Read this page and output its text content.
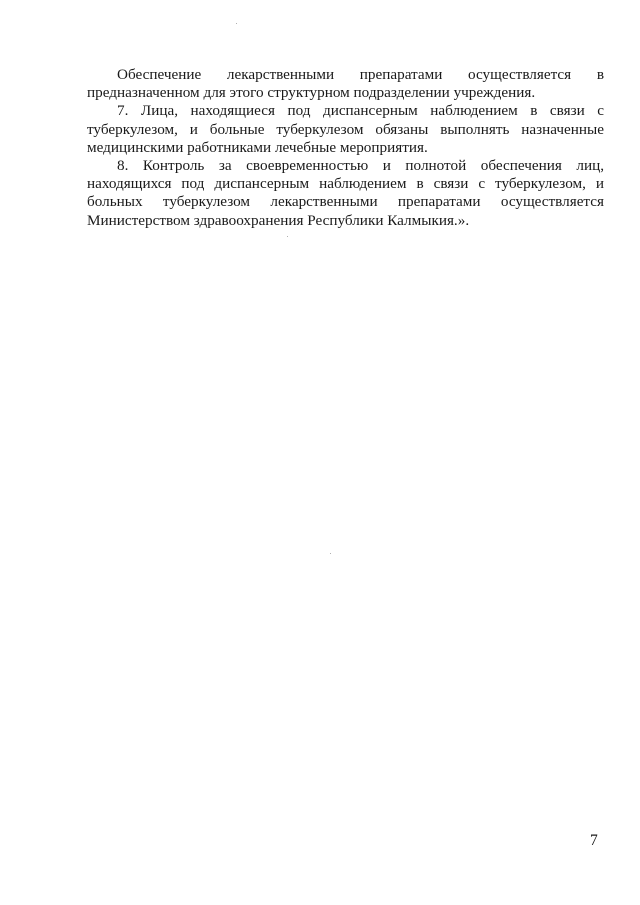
Обеспечение лекарственными препаратами осуществляется в предназначенном для этого структурном подразделении учреждения.

7. Лица, находящиеся под диспансерным наблюдением в связи с туберкулезом, и больные туберкулезом обязаны выполнять назначенные медицинскими работниками лечебные мероприятия.

8. Контроль за своевременностью и полнотой обеспечения лиц, находящихся под диспансерным наблюдением в связи с туберкулезом, и больных туберкулезом лекарственными препаратами осуществляется Министерством здравоохранения Республики Калмыкия.».

7
